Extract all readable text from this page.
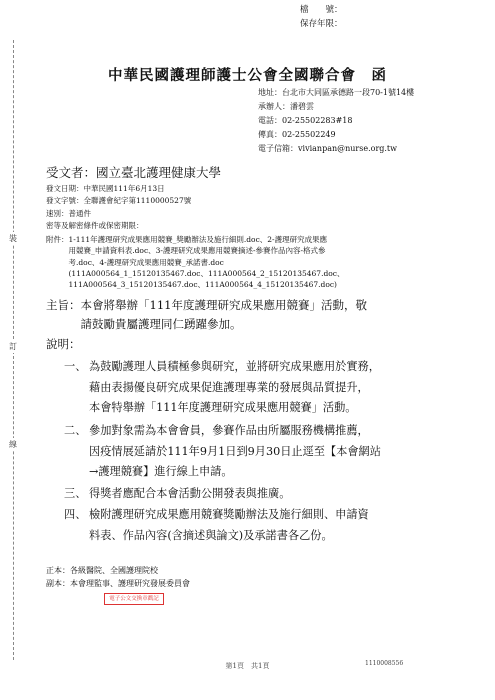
裝
訂
線
檔　　號：
保存年限：
中華民國護理師護士公會全國聯合會　函
地址：台北市大同區承德路一段70-1號14樓
承辦人：潘碧雲
電話：02-25502283#18
傳真：02-25502249
電子信箱：vivianpan@nurse.org.tw
受文者：國立臺北護理健康大學
發文日期：中華民國111年6月13日
發文字號：全聯護會紀字第1110000527號
速別：普通件
密等及解密條件或保密期限：
附件：1-111年護理研究成果應用競賽_獎勵辦法及施行細則.doc、2-護理研究成果應
　　　用競賽_申請資料表.doc、3-護理研究成果應用競賽摘述-參賽作品內容-格式參
　　　考.doc、4-護理研究成果應用競賽_承諾書.doc
　　　(111A000564_1_15120135467.doc、111A000564_2_15120135467.doc、
　　　111A000564_3_15120135467.doc、111A000564_4_15120135467.doc)
主旨：本會將舉辦「111年度護理研究成果應用競賽」活動，敬
　　　請鼓勵貴屬護理同仁踴躍參加。
說明：
一、 為鼓勵護理人員積極參與研究，並將研究成果應用於實務，
藉由表揚優良研究成果促進護理專業的發展與品質提升，
本會特舉辦「111年度護理研究成果應用競賽」活動。
二、 參加對象需為本會會員，參賽作品由所屬服務機構推薦，
因疫情展延請於111年9月1日到9月30日止逕至【本會網站
→護理競賽】進行線上申請。
三、 得獎者應配合本會活動公開發表與推廣。
四、 檢附護理研究成果應用競賽獎勵辦法及施行細則、申請資
料表、作品內容(含摘述與論文)及承諾書各乙份。
正本：各級醫院、全國護理院校
副本：本會理監事、護理研究發展委員會
電子公文交換章戳記
第1頁　共1頁	1110008556
